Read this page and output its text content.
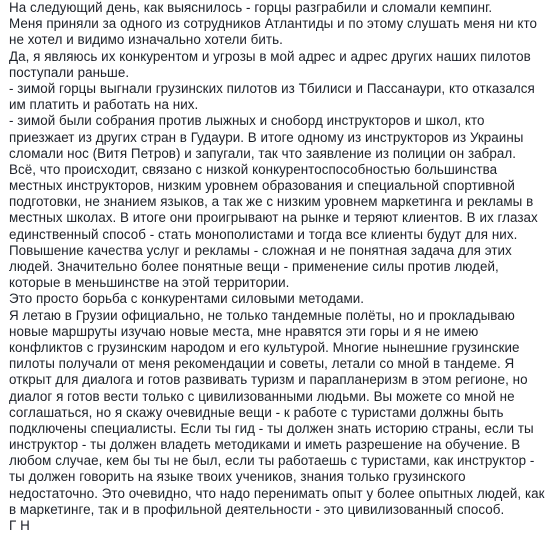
На следующий день, как выяснилось - горцы разграбили и сломали кемпинг.
Меня приняли за одного из сотрудников Атлантиды и по этому слушать меня ни кто
не хотел и видимо изначально хотели бить.
Да, я являюсь их конкурентом и угрозы в мой адрес и адрес других наших пилотов
поступали раньше.
- зимой горцы выгнали грузинских пилотов из Тбилиси и Пассанаури, кто отказался
им платить и работать на них.
- зимой были собрания против лыжных и сноборд инструкторов и школ, кто
приезжает из других стран в Гудаури. В итоге одному из инструкторов из Украины
сломали нос (Витя Петров) и запугали, так что заявление из полиции он забрал.
Всё, что происходит, связано с низкой конкурентоспособностью большинства
местных инструкторов, низким уровнем образования и специальной спортивной
подготовки, не знанием языков, а так же с низким уровнем маркетинга и рекламы в
местных школах. В итоге они проигрывают на рынке и теряют клиентов. В их глазах
единственный способ - стать монополистами и тогда все клиенты будут для них.
Повышение качества услуг и рекламы - сложная и не понятная задача для этих
людей. Значительно более понятные вещи - применение силы против людей,
которые в меньшинстве на этой территории.
Это просто борьба с конкурентами силовыми методами.
Я летаю в Грузии официально, не только тандемные полёты, но и прокладываю
новые маршруты изучаю новые места, мне нравятся эти горы и я не имею
конфликтов с грузинским народом и его культурой. Многие нынешние грузинские
пилоты получали от меня рекомендации и советы, летали со мной в тандеме. Я
открыт для диалога и готов развивать туризм и парапланеризм в этом регионе, но
диалог я готов вести только с цивилизованными людьми. Вы можете со мной не
соглашаться, но я скажу очевидные вещи - к работе с туристами должны быть
подключены специалисты. Если ты гид - ты должен знать историю страны, если ты
инструктор - ты должен владеть методиками и иметь разрешение на обучение. В
любом случае, кем бы ты не был, если ты работаешь с туристами, как инструктор -
ты должен говорить на языке твоих учеников, знания только грузинского
недостаточно. Это очевидно, что надо перенимать опыт у более опытных людей, как
в маркетинге, так и в профильной деятельности - это цивилизованный способ.
Г Н
